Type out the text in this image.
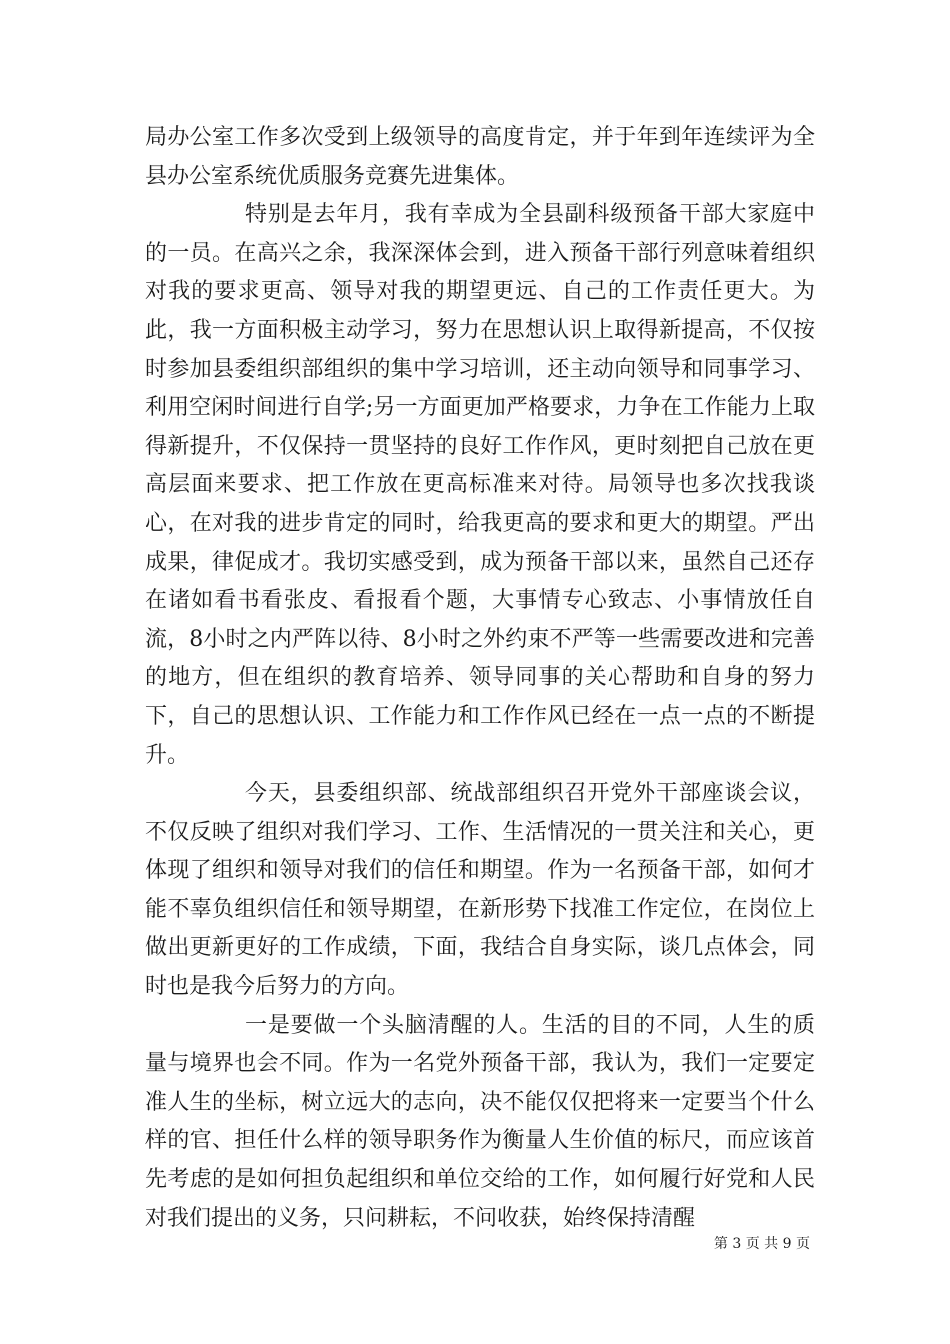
局办公室工作多次受到上级领导的高度肯定，并于年到年连续评为全县办公室系统优质服务竞赛先进集体。

特别是去年月，我有幸成为全县副科级预备干部大家庭中的一员。在高兴之余，我深深体会到，进入预备干部行列意味着组织对我的要求更高、领导对我的期望更远、自己的工作责任更大。为此，我一方面积极主动学习，努力在思想认识上取得新提高，不仅按时参加县委组织部组织的集中学习培训，还主动向领导和同事学习、利用空闲时间进行自学;另一方面更加严格要求，力争在工作能力上取得新提升，不仅保持一贯坚持的良好工作作风，更时刻把自己放在更高层面来要求、把工作放在更高标准来对待。局领导也多次找我谈心，在对我的进步肯定的同时，给我更高的要求和更大的期望。严出成果，律促成才。我切实感受到，成为预备干部以来，虽然自己还存在诸如看书看张皮、看报看个题，大事情专心致志、小事情放任自流，8小时之内严阵以待、8小时之外约束不严等一些需要改进和完善的地方，但在组织的教育培养、领导同事的关心帮助和自身的努力下，自己的思想认识、工作能力和工作作风已经在一点一点的不断提升。

今天，县委组织部、统战部组织召开党外干部座谈会议，不仅反映了组织对我们学习、工作、生活情况的一贯关注和关心，更体现了组织和领导对我们的信任和期望。作为一名预备干部，如何才能不辜负组织信任和领导期望，在新形势下找准工作定位，在岗位上做出更新更好的工作成绩，下面，我结合自身实际，谈几点体会，同时也是我今后努力的方向。

一是要做一个头脑清醒的人。生活的目的不同，人生的质量与境界也会不同。作为一名党外预备干部，我认为，我们一定要定准人生的坐标，树立远大的志向，决不能仅仅把将来一定要当个什么样的官、担任什么样的领导职务作为衡量人生价值的标尺，而应该首先考虑的是如何担负起组织和单位交给的工作，如何履行好党和人民对我们提出的义务，只问耕耘，不问收获，始终保持清醒

第 3 页 共 9 页
